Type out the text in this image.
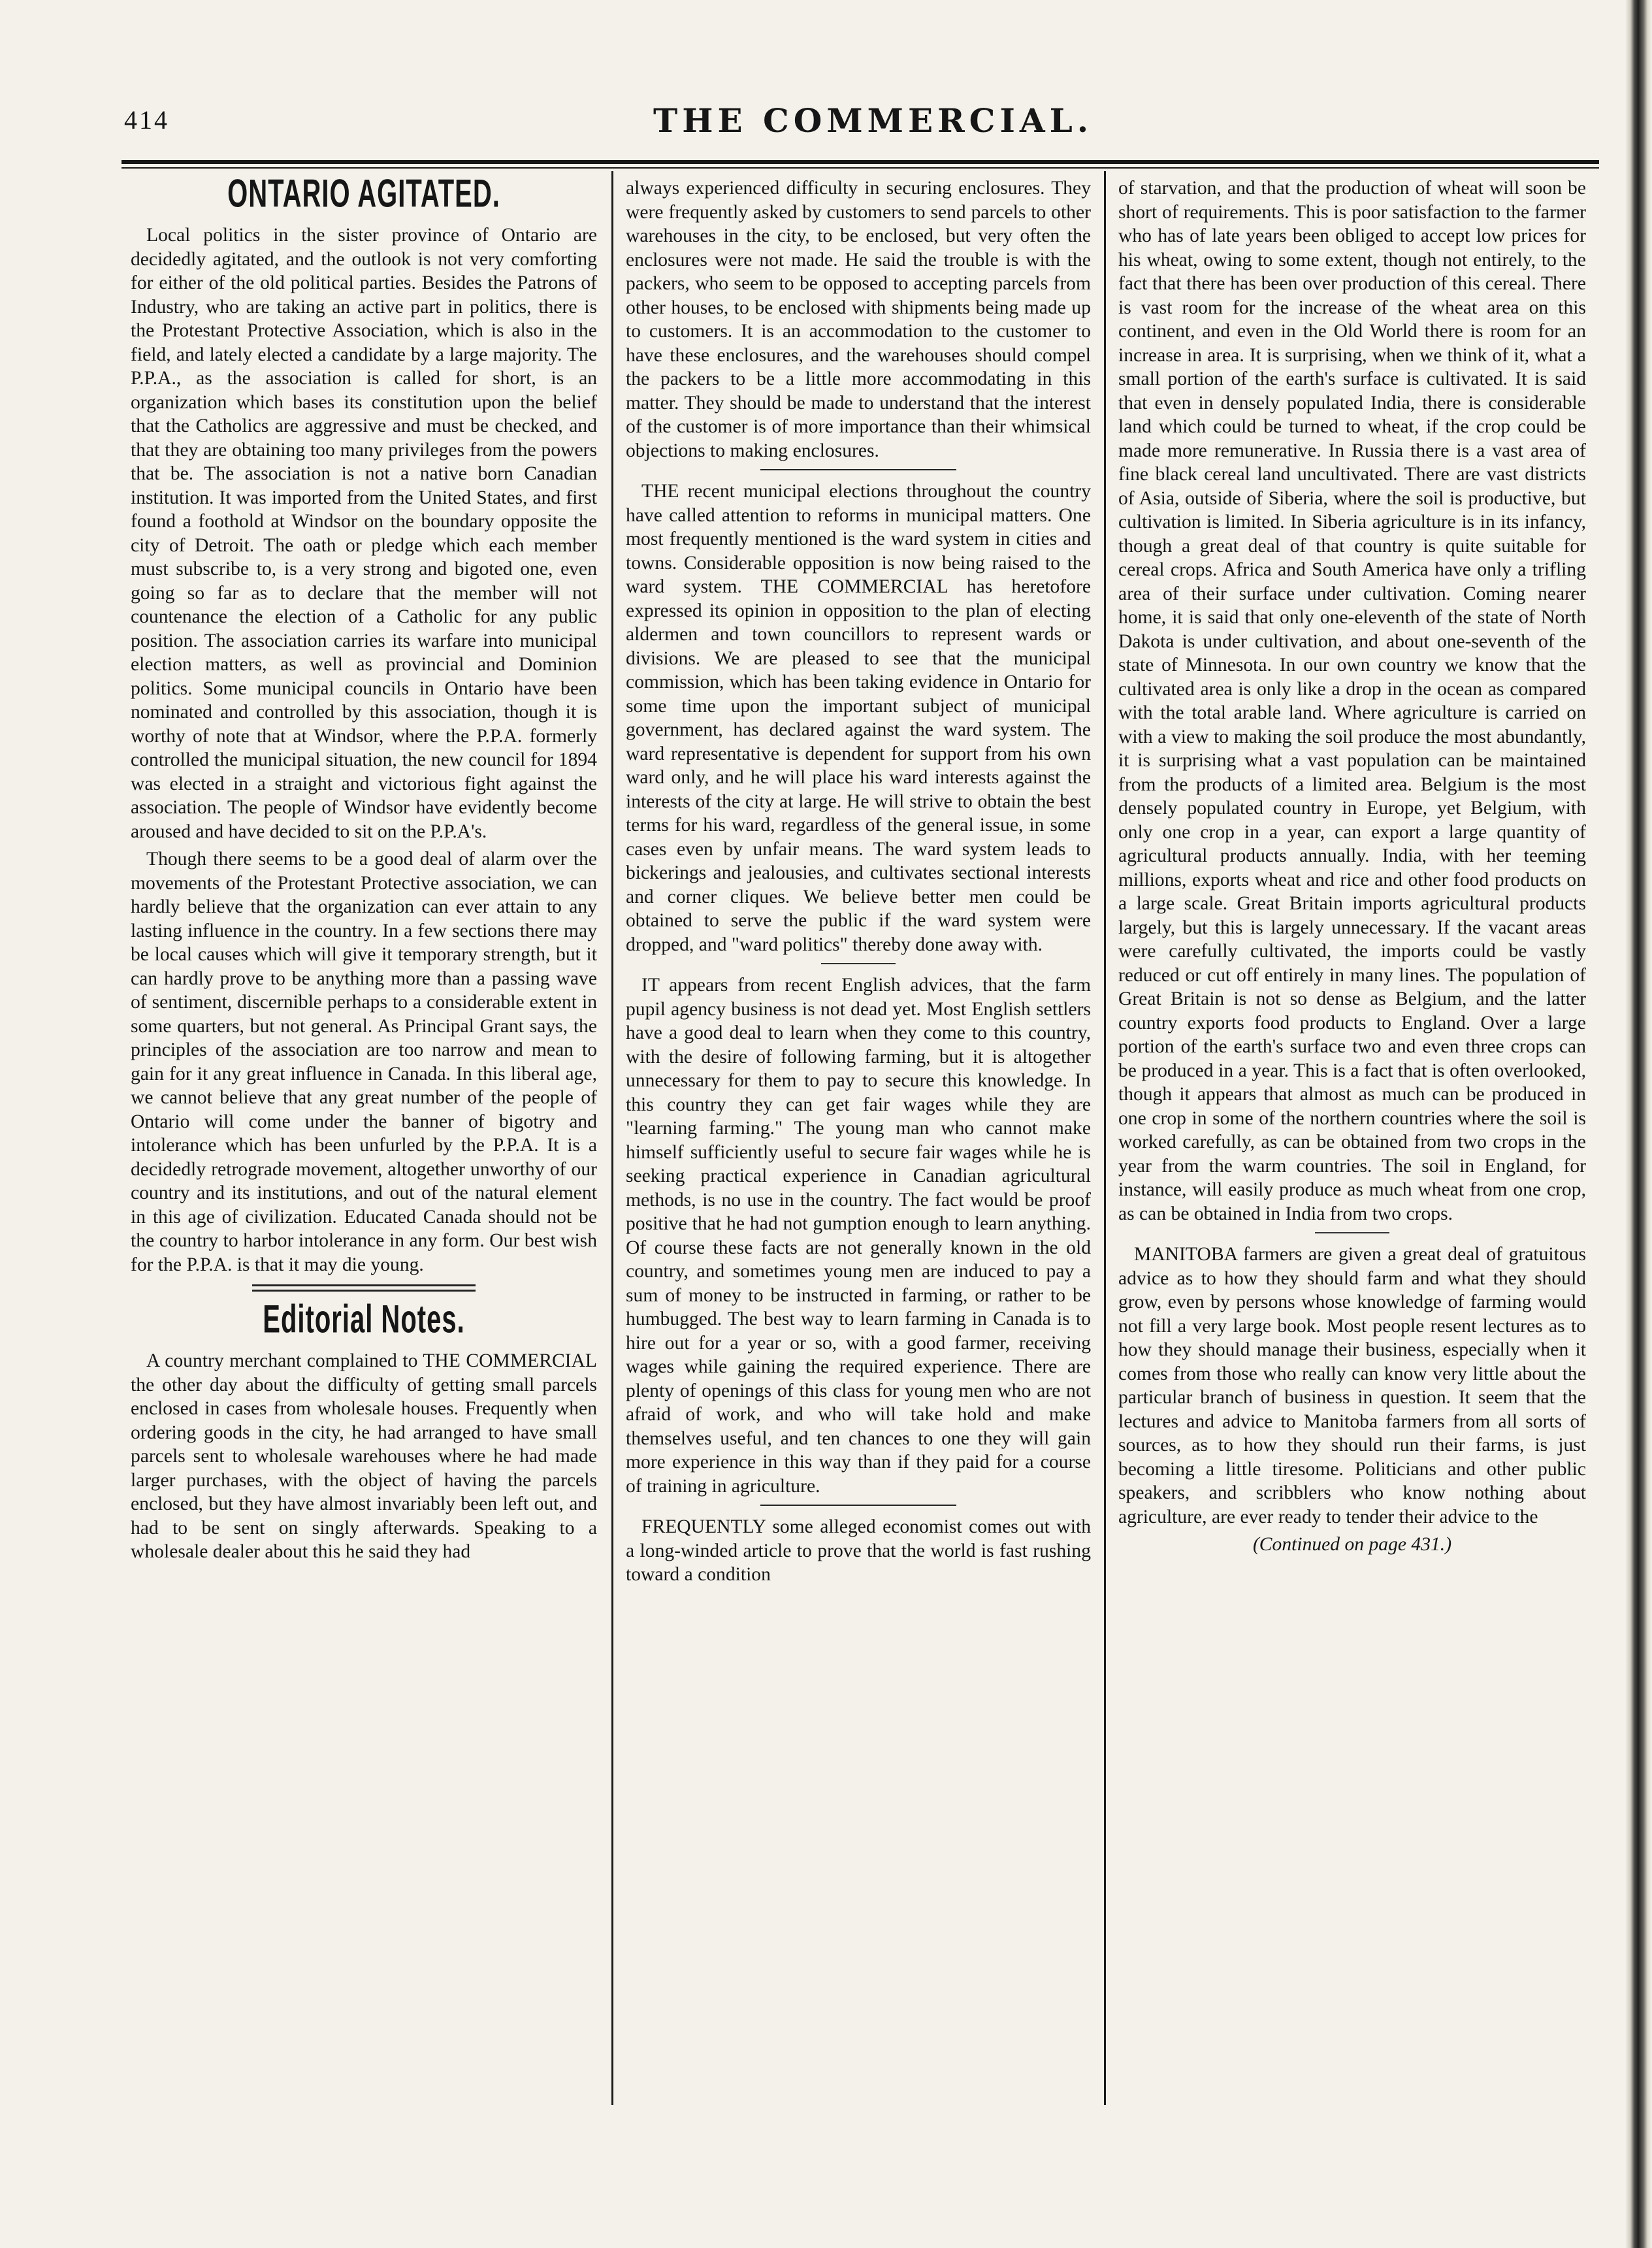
414	THE COMMERCIAL.
ONTARIO AGITATED.

Local politics in the sister province of Ontario are decidedly agitated, and the outlook is not very comforting for either of the old political parties. Besides the Patrons of Industry, who are taking an active part in politics, there is the Protestant Protective Association, which is also in the field, and lately elected a candidate by a large majority. The P.P.A., as the association is called for short, is an organization which bases its constitution upon the belief that the Catholics are aggressive and must be checked, and that they are obtaining too many privileges from the powers that be. The association is not a native born Canadian institution. It was imported from the United States, and first found a foothold at Windsor on the boundary opposite the city of Detroit. The oath or pledge which each member must subscribe to, is a very strong and bigoted one, even going so far as to declare that the member will not countenance the election of a Catholic for any public position. The association carries its warfare into municipal election matters, as well as provincial and Dominion politics. Some municipal councils in Ontario have been nominated and controlled by this association, though it is worthy of note that at Windsor, where the P.P.A. formerly controlled the municipal situation, the new council for 1894 was elected in a straight and victorious fight against the association. The people of Windsor have evidently become aroused and have decided to sit on the P.P.A's.

Though there seems to be a good deal of alarm over the movements of the Protestant Protective association, we can hardly believe that the organization can ever attain to any lasting influence in the country. In a few sections there may be local causes which will give it temporary strength, but it can hardly prove to be anything more than a passing wave of sentiment, discernible perhaps to a considerable extent in some quarters, but not general. As Principal Grant says, the principles of the association are too narrow and mean to gain for it any great influence in Canada. In this liberal age, we cannot believe that any great number of the people of Ontario will come under the banner of bigotry and intolerance which has been unfurled by the P.P.A. It is a decidedly retrograde movement, altogether unworthy of our country and its institutions, and out of the natural element in this age of civilization. Educated Canada should not be the country to harbor intolerance in any form. Our best wish for the P.P.A. is that it may die young.

Editorial Notes.

A country merchant complained to THE COMMERCIAL the other day about the difficulty of getting small parcels enclosed in cases from wholesale houses. Frequently when ordering goods in the city, he had arranged to have small parcels sent to wholesale warehouses where he had made larger purchases, with the object of having the parcels enclosed, but they have almost invariably been left out, and had to be sent on singly afterwards. Speaking to a wholesale dealer about this he said they had

always experienced difficulty in securing enclosures. They were frequently asked by customers to send parcels to other warehouses in the city, to be enclosed, but very often the enclosures were not made. He said the trouble is with the packers, who seem to be opposed to accepting parcels from other houses, to be enclosed with shipments being made up to customers. It is an accommodation to the customer to have these enclosures, and the warehouses should compel the packers to be a little more accommodating in this matter. They should be made to understand that the interest of the customer is of more importance than their whimsical objections to making enclosures.

THE recent municipal elections throughout the country have called attention to reforms in municipal matters. One most frequently mentioned is the ward system in cities and towns. Considerable opposition is now being raised to the ward system. THE COMMERCIAL has heretofore expressed its opinion in opposition to the plan of electing aldermen and town councillors to represent wards or divisions. We are pleased to see that the municipal commission, which has been taking evidence in Ontario for some time upon the important subject of municipal government, has declared against the ward system. The ward representative is dependent for support from his own ward only, and he will place his ward interests against the interests of the city at large. He will strive to obtain the best terms for his ward, regardless of the general issue, in some cases even by unfair means. The ward system leads to bickerings and jealousies, and cultivates sectional interests and corner cliques. We believe better men could be obtained to serve the public if the ward system were dropped, and "ward politics" thereby done away with.

IT appears from recent English advices, that the farm pupil agency business is not dead yet. Most English settlers have a good deal to learn when they come to this country, with the desire of following farming, but it is altogether unnecessary for them to pay to secure this knowledge. In this country they can get fair wages while they are "learning farming." The young man who cannot make himself sufficiently useful to secure fair wages while he is seeking practical experience in Canadian agricultural methods, is no use in the country. The fact would be proof positive that he had not gumption enough to learn anything. Of course these facts are not generally known in the old country, and sometimes young men are induced to pay a sum of money to be instructed in farming, or rather to be humbugged. The best way to learn farming in Canada is to hire out for a year or so, with a good farmer, receiving wages while gaining the required experience. There are plenty of openings of this class for young men who are not afraid of work, and who will take hold and make themselves useful, and ten chances to one they will gain more experience in this way than if they paid for a course of training in agriculture.

FREQUENTLY some alleged economist comes out with a long-winded article to prove that the world is fast rushing toward a condition

of starvation, and that the production of wheat will soon be short of requirements. This is poor satisfaction to the farmer who has of late years been obliged to accept low prices for his wheat, owing to some extent, though not entirely, to the fact that there has been over production of this cereal. There is vast room for the increase of the wheat area on this continent, and even in the Old World there is room for an increase in area. It is surprising, when we think of it, what a small portion of the earth's surface is cultivated. It is said that even in densely populated India, there is considerable land which could be turned to wheat, if the crop could be made more remunerative. In Russia there is a vast area of fine black cereal land uncultivated. There are vast districts of Asia, outside of Siberia, where the soil is productive, but cultivation is limited. In Siberia agriculture is in its infancy, though a great deal of that country is quite suitable for cereal crops. Africa and South America have only a trifling area of their surface under cultivation. Coming nearer home, it is said that only one-eleventh of the state of North Dakota is under cultivation, and about one-seventh of the state of Minnesota. In our own country we know that the cultivated area is only like a drop in the ocean as compared with the total arable land. Where agriculture is carried on with a view to making the soil produce the most abundantly, it is surprising what a vast population can be maintained from the products of a limited area. Belgium is the most densely populated country in Europe, yet Belgium, with only one crop in a year, can export a large quantity of agricultural products annually. India, with her teeming millions, exports wheat and rice and other food products on a large scale. Great Britain imports agricultural products largely, but this is largely unnecessary. If the vacant areas were carefully cultivated, the imports could be vastly reduced or cut off entirely in many lines. The population of Great Britain is not so dense as Belgium, and the latter country exports food products to England. Over a large portion of the earth's surface two and even three crops can be produced in a year. This is a fact that is often overlooked, though it appears that almost as much can be produced in one crop in some of the northern countries where the soil is worked carefully, as can be obtained from two crops in the year from the warm countries. The soil in England, for instance, will easily produce as much wheat from one crop, as can be obtained in India from two crops.

MANITOBA farmers are given a great deal of gratuitous advice as to how they should farm and what they should grow, even by persons whose knowledge of farming would not fill a very large book. Most people resent lectures as to how they should manage their business, especially when it comes from those who really can know very little about the particular branch of business in question. It seem that the lectures and advice to Manitoba farmers from all sorts of sources, as to how they should run their farms, is just becoming a little tiresome. Politicians and other public speakers, and scribblers who know nothing about agriculture, are ever ready to tender their advice to the

(Continued on page 431.)
